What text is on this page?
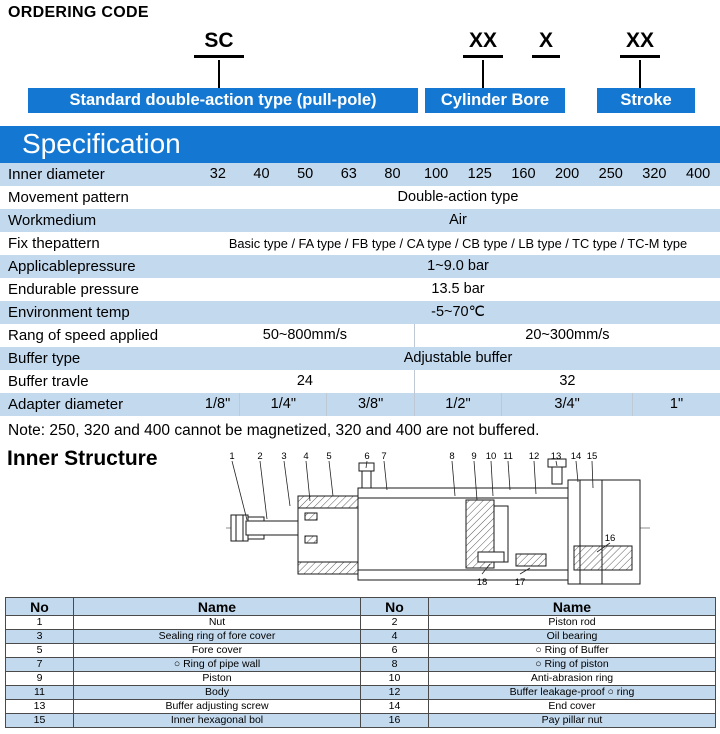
ORDERING CODE
SC	XX	X	XX
Standard double-action type (pull-pole)	Cylinder Bore	Stroke
Specification
Inner diameter	32	40	50	63	80	100	125	160	200	250	320	400
Movement pattern	Double-action type											
Workmedium	Air											
Fix thepattern	Basic type / FA type / FB type / CA type / CB type / LB type / TC type / TC-M type											
Applicablepressure	1~9.0 bar											
Endurable pressure	13.5 bar											
Environment temp	-5~70℃											
Rang of speed applied	50~800mm/s					20~300mm/s						
Buffer type	Adjustable buffer											
Buffer travle	24					32						
Adapter diameter	1/8"	1/4"		3/8"		1/2"		3/4"			1"	
Note: 250, 320 and 400 cannot be magnetized, 320 and 400 are not buffered.
Inner Structure	1 2 3 4 5	6 7	8 9 10 11 12 13 14 15
16
17
18
No	Name	No	Name
1	Nut	2	Piston rod
3	Sealing ring of fore cover	4	Oil bearing
5	Fore cover	6	○ Ring of Buffer
7	○ Ring of pipe wall	8	○ Ring of piston
9	Piston	10	Anti-abrasion ring
11	Body	12	Buffer leakage-proof ○ ring
13	Buffer adjusting screw	14	End cover
15	Inner hexagonal bol	16	Pay pillar nut
